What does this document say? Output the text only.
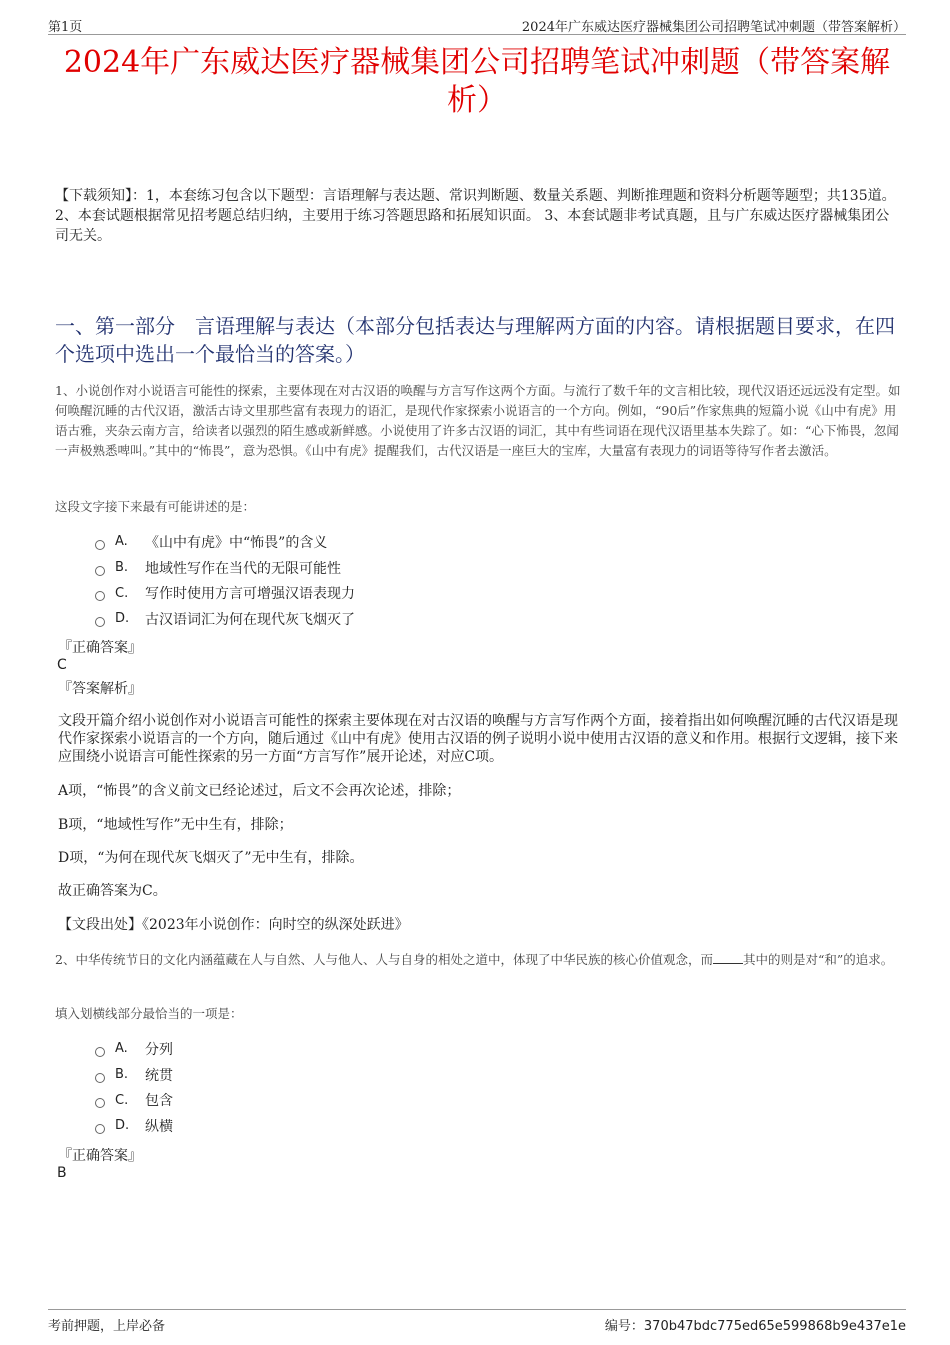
第1页	2024年广东威达医疗器械集团公司招聘笔试冲刺题（带答案解析）
2024年广东威达医疗器械集团公司招聘笔试冲刺题（带答案解析）
【下载须知】：1，本套练习包含以下题型：言语理解与表达题、常识判断题、数量关系题、判断推理题和资料分析题等题型；共135道。 2、本套试题根据常见招考题总结归纳，主要用于练习答题思路和拓展知识面。 3、本套试题非考试真题，且与广东威达医疗器械集团公司无关。
一、第一部分　言语理解与表达（本部分包括表达与理解两方面的内容。请根据题目要求，在四个选项中选出一个最恰当的答案。）
1、小说创作对小说语言可能性的探索，主要体现在对古汉语的唤醒与方言写作这两个方面。与流行了数千年的文言相比较，现代汉语还远远没有定型。如何唤醒沉睡的古代汉语，激活古诗文里那些富有表现力的语汇，是现代作家探索小说语言的一个方向。例如，“90后”作家焦典的短篇小说《山中有虎》用语古雅，夹杂云南方言，给读者以强烈的陌生感或新鲜感。小说使用了许多古汉语的词汇，其中有些词语在现代汉语里基本失踪了。如：“心下怖畏，忽闻一声极熟悉啤叫。”其中的“怖畏”，意为恐惧。《山中有虎》提醒我们，古代汉语是一座巨大的宝库，大量富有表现力的词语等待写作者去激活。
这段文字接下来最有可能讲述的是：
A.	《山中有虎》中“怖畏”的含义
B.	地域性写作在当代的无限可能性
C.	写作时使用方言可增强汉语表现力
D.	古汉语词汇为何在现代灰飞烟灭了
『正确答案』
C
『答案解析』
文段开篇介绍小说创作对小说语言可能性的探索主要体现在对古汉语的唤醒与方言写作两个方面，接着指出如何唤醒沉睡的古代汉语是现代作家探索小说语言的一个方向，随后通过《山中有虎》使用古汉语的例子说明小说中使用古汉语的意义和作用。根据行文逻辑，接下来应围绕小说语言可能性探索的另一方面“方言写作”展开论述，对应C项。
A项，“怖畏”的含义前文已经论述过，后文不会再次论述，排除；
B项，“地域性写作”无中生有，排除；
D项，“为何在现代灰飞烟灭了”无中生有，排除。
故正确答案为C。
【文段出处】《2023年小说创作：向时空的纵深处跃进》
2、中华传统节日的文化内涵蕴藏在人与自然、人与他人、人与自身的相处之道中，体现了中华民族的核心价值观念，而 其中的则是对“和”的追求。
填入划横线部分最恰当的一项是：
A.	分列
B.	统贯
C.	包含
D.	纵横
『正确答案』
B
考前押题，上岸必备	编号：370b47bdc775ed65e599868b9e437e1e
